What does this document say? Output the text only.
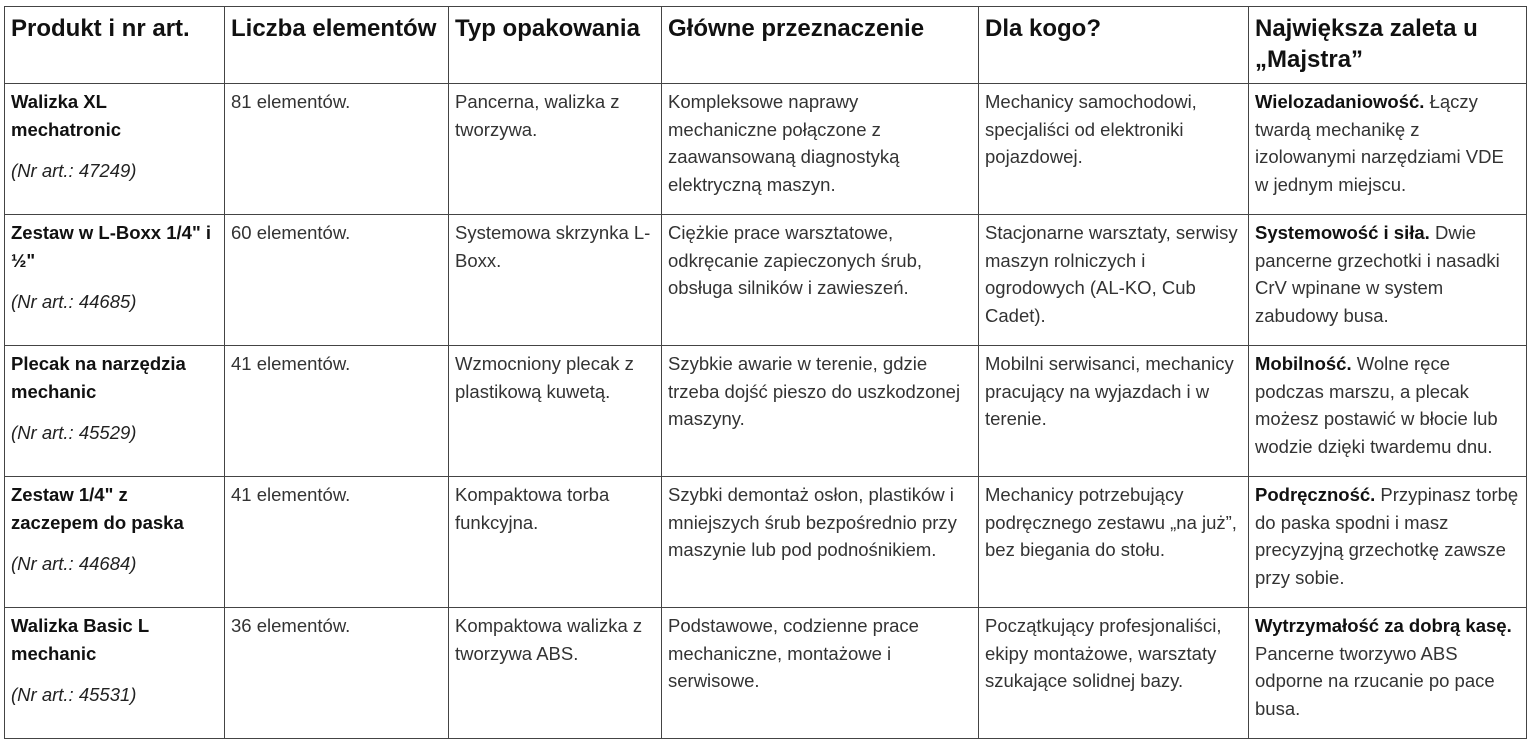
Produkt i nr art.	Liczba elementów	Typ opakowania	Główne przeznaczenie	Dla kogo?	Największa zaleta u „Majstra”

Walizka XL mechatronic
(Nr art.: 47249)	81 elementów.	Pancerna, walizka z tworzywa.	Kompleksowe naprawy mechaniczne połączone z zaawansowaną diagnostyką elektryczną maszyn.	Mechanicy samochodowi, specjaliści od elektroniki pojazdowej.	Wielozadaniowość. Łączy twardą mechanikę z izolowanymi narzędziami VDE w jednym miejscu.

Zestaw w L-Boxx 1/4" i ½"
(Nr art.: 44685)	60 elementów.	Systemowa skrzynka L-Boxx.	Ciężkie prace warsztatowe, odkręcanie zapieczonych śrub, obsługa silników i zawieszeń.	Stacjonarne warsztaty, serwisy maszyn rolniczych i ogrodowych (AL-KO, Cub Cadet).	Systemowość i siła. Dwie pancerne grzechotki i nasadki CrV wpinane w system zabudowy busa.

Plecak na narzędzia mechanic
(Nr art.: 45529)	41 elementów.	Wzmocniony plecak z plastikową kuwetą.	Szybkie awarie w terenie, gdzie trzeba dojść pieszo do uszkodzonej maszyny.	Mobilni serwisanci, mechanicy pracujący na wyjazdach i w terenie.	Mobilność. Wolne ręce podczas marszu, a plecak możesz postawić w błocie lub wodzie dzięki twardemu dnu.

Zestaw 1/4" z zaczepem do paska
(Nr art.: 44684)	41 elementów.	Kompaktowa torba funkcyjna.	Szybki demontaż osłon, plastików i mniejszych śrub bezpośrednio przy maszynie lub pod podnośnikiem.	Mechanicy potrzebujący podręcznego zestawu „na już”, bez biegania do stołu.	Podręczność. Przypinasz torbę do paska spodni i masz precyzyjną grzechotkę zawsze przy sobie.

Walizka Basic L mechanic
(Nr art.: 45531)	36 elementów.	Kompaktowa walizka z tworzywa ABS.	Podstawowe, codzienne prace mechaniczne, montażowe i serwisowe.	Początkujący profesjonaliści, ekipy montażowe, warsztaty szukające solidnej bazy.	Wytrzymałość za dobrą kasę. Pancerne tworzywo ABS odporne na rzucanie po pace busa.
